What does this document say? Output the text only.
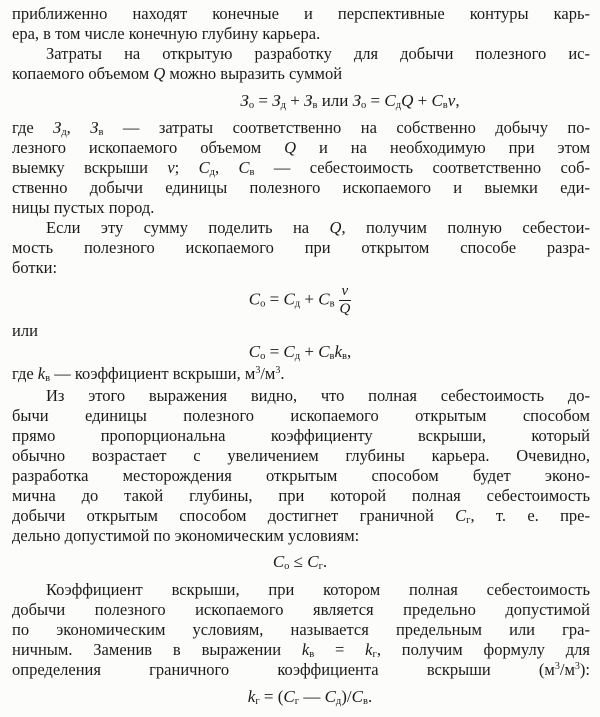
приближенно находят конечные и перспективные контуры карь-
ера, в том числе конечную глубину карьера.
Затраты на открытую разработку для добычи полезного ис-
копаемого объемом Q можно выразить суммой
Зо = Зд + Зв или Зо = СдQ + Свv,
где Зд, Зв — затраты соответственно на собственно добычу по-
лезного ископаемого объемом Q и на необходимую при этом
выемку вскрыши v; Сд, Св — себестоимость соответственно соб-
ственно добычи единицы полезного ископаемого и выемки еди-
ницы пустых пород.
Если эту сумму поделить на Q, получим полную себестои-
мость полезного ископаемого при открытом способе разра-
ботки:
Со = Сд + Св $\frac{v}{Q}$
или
Со = Сд + Свkв,
где kв — коэффициент вскрыши, $м^3/м^3$.
Из этого выражения видно, что полная себестоимость до-
бычи единицы полезного ископаемого открытым способом
прямо пропорциональна коэффициенту вскрыши, который
обычно возрастает с увеличением глубины карьера. Очевидно,
разработка месторождения открытым способом будет эконо-
мична до такой глубины, при которой полная себестоимость
добычи открытым способом достигнет граничной Сг, т. е. пре-
дельно допустимой по экономическим условиям:
Со ≤ Сг.
Коэффициент вскрыши, при котором полная себестоимость
добычи полезного ископаемого является предельно допустимой
по экономическим условиям, называется предельным или гра-
ничным. Заменив в выражении kв = kг, получим формулу для
определения граничного коэффициента вскрыши $(м^3/м^3)$:
kг = (Сг — Сд)/Св.
